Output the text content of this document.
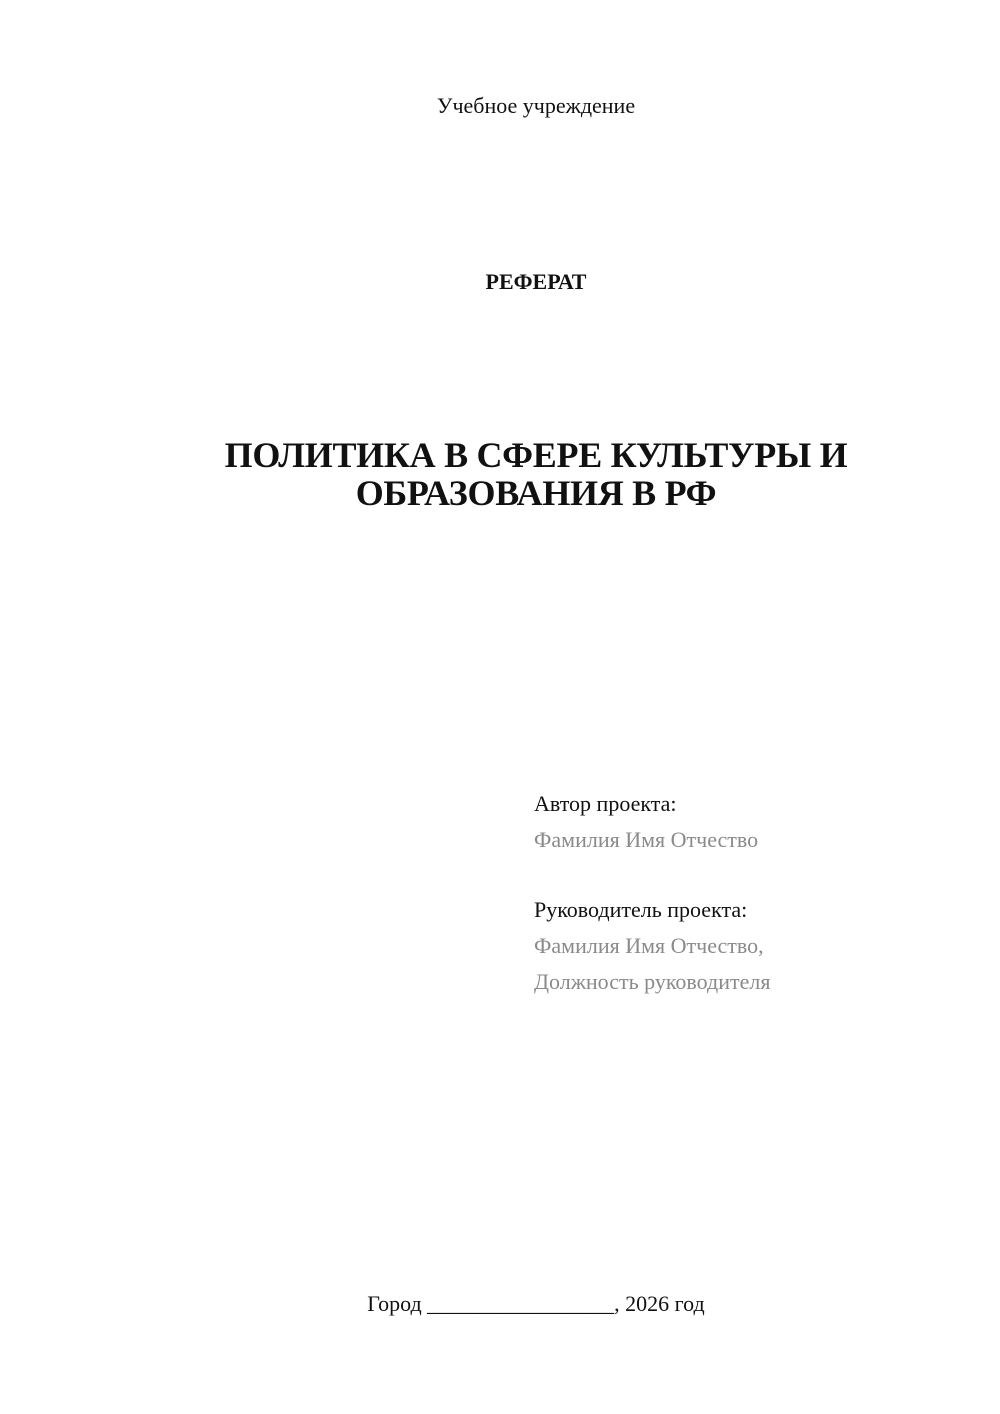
Учебное учреждение
РЕФЕРАТ
ПОЛИТИКА В СФЕРЕ КУЛЬТУРЫ И
ОБРАЗОВАНИЯ В РФ
Автор проекта:
Фамилия Имя Отчество
Руководитель проекта:
Фамилия Имя Отчество,
Должность руководителя
Город _________________, 2026 год
